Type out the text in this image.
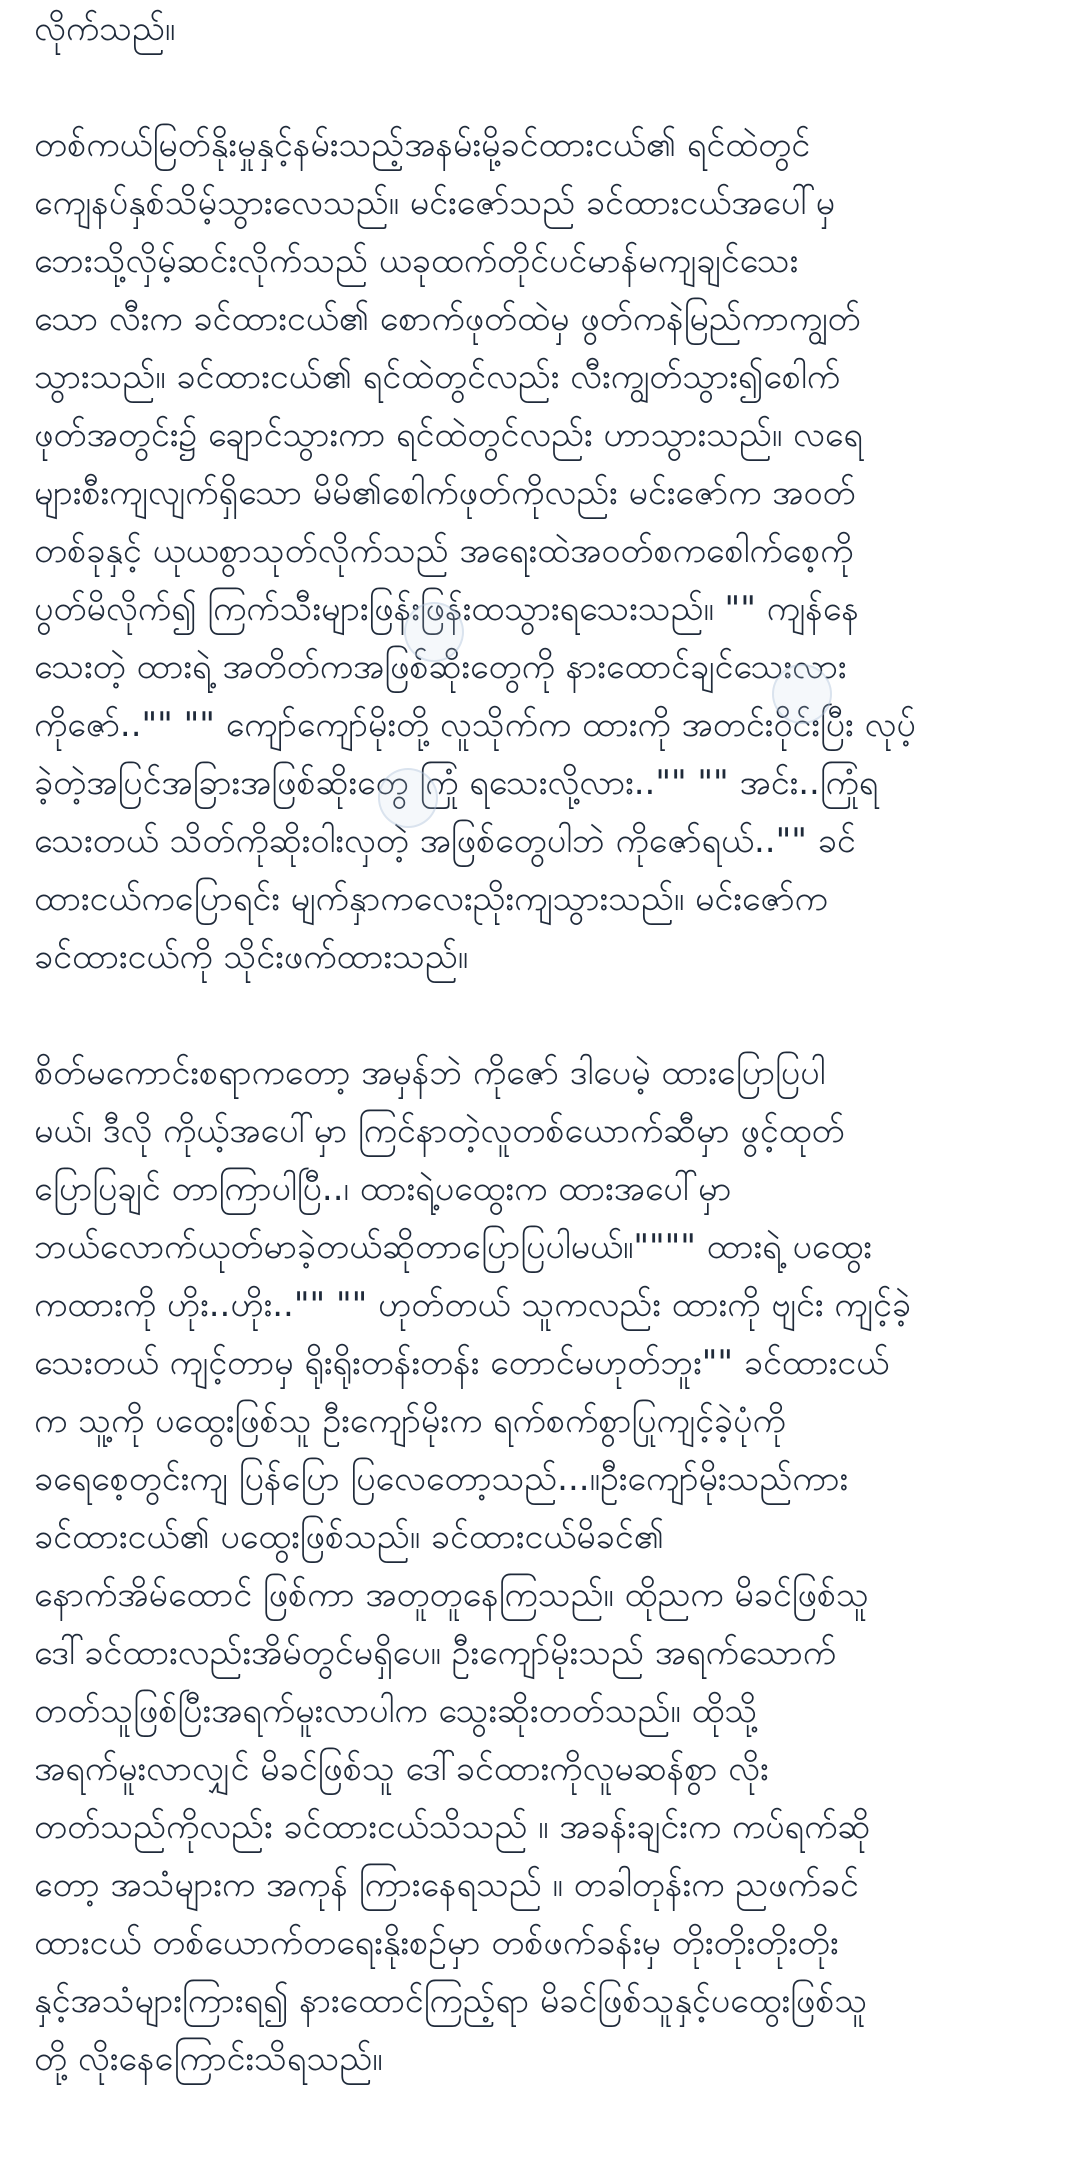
လိုက်သည်။

တစ်ကယ်မြတ်နိုးမှုနှင့်နမ်းသည့်အနမ်းမို့ခင်ထားငယ်၏ ရင်ထဲတွင်
ကျေနပ်နှစ်သိမ့်သွားလေသည်။ မင်းဇော်သည် ခင်ထားငယ်အပေါ်မှ
ဘေးသို့လှိမ့်ဆင်းလိုက်သည် ယခုထက်တိုင်ပင်မာန်မကျချင်သေး
သော လီးက ခင်ထားငယ်၏ စောက်ဖုတ်ထဲမှ ဖွတ်ကနဲမြည်ကာကျွတ်
သွားသည်။ ခင်ထားငယ်၏ ရင်ထဲတွင်လည်း လီးကျွတ်သွား၍စေါက်
ဖုတ်အတွင်း၌ ချောင်သွားကာ ရင်ထဲတွင်လည်း ဟာသွားသည်။ လရေ
များစီးကျလျက်ရှိသော မိမိ၏စေါက်ဖုတ်ကိုလည်း မင်းဇော်က အဝတ်
တစ်ခုနှင့် ယုယစွာသုတ်လိုက်သည် အရေးထဲအဝတ်စကစေါက်စေ့ကို
ပွတ်မိလိုက်၍ ကြက်သီးများဖြန်းဖြန်းထသွားရသေးသည်။ "" ကျန်နေ
သေးတဲ့ ထားရဲ့ အတိတ်ကအဖြစ်ဆိုးတွေကို နားထောင်ချင်သေးလား
ကိုဇော်.."" "" ကျော်ကျော်မိုးတို့ လူသိုက်က ထားကို အတင်းဝိုင်းပြီး လုပ့်
ခဲ့တဲ့အပြင်အခြားအဖြစ်ဆိုးတွေ ကြုံ ရသေးလို့လား.."" "" အင်း..ကြုံရ
သေးတယ် သိတ်ကိုဆိုးဝါးလှတဲ့ အဖြစ်တွေပါဘဲ ကိုဇော်ရယ်.."" ခင်
ထားငယ်ကပြောရင်း မျက်နှာကလေးညိုးကျသွားသည်။ မင်းဇော်က
ခင်ထားငယ်ကို သိုင်းဖက်ထားသည်။

စိတ်မကောင်းစရာကတော့ အမှန်ဘဲ ကိုဇော် ဒါပေမဲ့ ထားပြောပြပါ
မယ်၊ ဒီလို ကိုယ့်အပေါ်မှာ ကြင်နာတဲ့လူတစ်ယောက်ဆီမှာ ဖွင့်ထုတ်
ပြောပြချင် တာကြာပါပြီ..၊ ထားရဲ့ပထွေးက ထားအပေါ်မှာ
ဘယ်လောက်ယုတ်မာခဲ့တယ်ဆိုတာပြောပြပါမယ်။"""" ထားရဲ့ ပထွေး
ကထားကို ဟိုး..ဟိုး.."" "" ဟုတ်တယ် သူကလည်း ထားကို ဗျင်း ကျင့်ခဲ့
သေးတယ် ကျင့်တာမှ ရိုးရိုးတန်းတန်း တောင်မဟုတ်ဘူး"" ခင်ထားငယ်
က သူ့ကို ပထွေးဖြစ်သူ ဦးကျော်မိုးက ရက်စက်စွာပြုကျင့်ခဲ့ပုံကို
ခရေစေ့တွင်းကျ ပြန်ပြော ပြလေတော့သည်...။ဦးကျော်မိုးသည်ကား
ခင်ထားငယ်၏ ပထွေးဖြစ်သည်။ ခင်ထားငယ်မိခင်၏
နောက်အိမ်ထောင် ဖြစ်ကာ အတူတူနေကြသည်။ ထိုညက မိခင်ဖြစ်သူ
ဒေါ်ခင်ထားလည်းအိမ်တွင်မရှိပေ။ ဦးကျော်မိုးသည် အရက်သောက်
တတ်သူဖြစ်ပြီးအရက်မူးလာပါက သွေးဆိုးတတ်သည်။ ထိုသို့
အရက်မူးလာလျှင် မိခင်ဖြစ်သူ ဒေါ်ခင်ထားကိုလူမဆန်စွာ လိုး
တတ်သည်ကိုလည်း ခင်ထားငယ်သိသည် ။ အခန်းချင်းက ကပ်ရက်ဆို
တော့ အသံများက အကုန် ကြားနေရသည် ။ တခါတုန်းက ညဖက်ခင်
ထားငယ် တစ်ယောက်တရေးနိုးစဉ်မှာ တစ်ဖက်ခန်းမှ တိုးတိုးတိုးတိုး
နှင့်အသံများကြားရ၍ နားထောင်ကြည့်ရာ မိခင်ဖြစ်သူနှင့်ပထွေးဖြစ်သူ
တို့ လိုးနေကြောင်းသိရသည်။
